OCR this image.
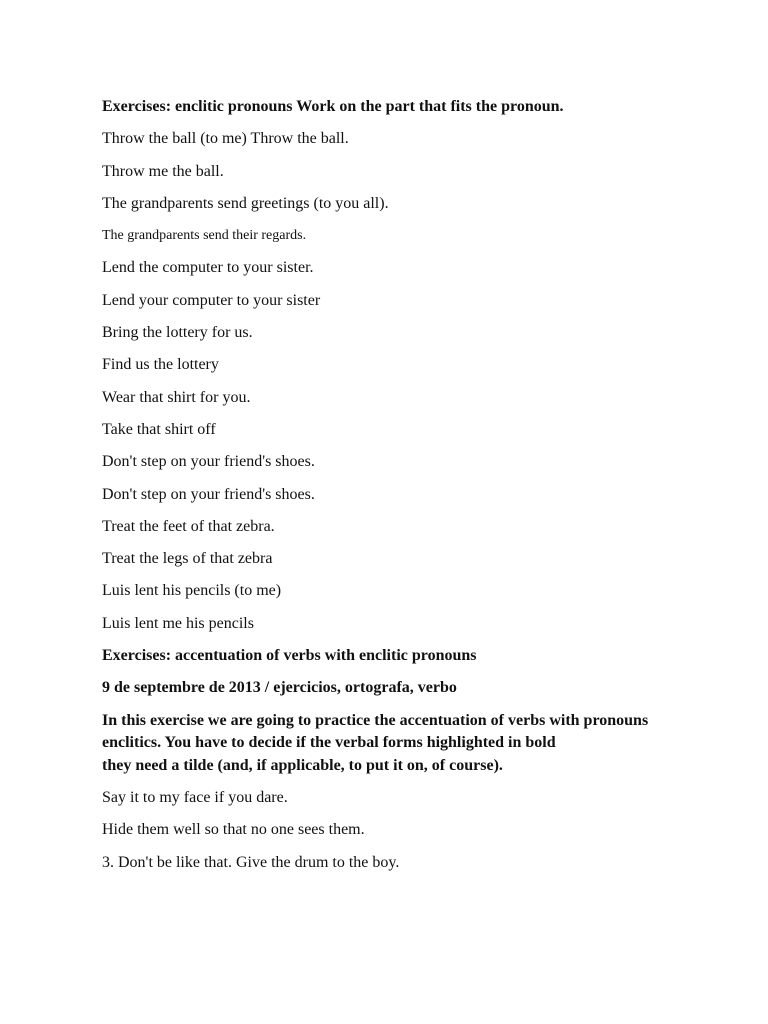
Exercises: enclitic pronouns Work on the part that fits the pronoun.

Throw the ball (to me) Throw the ball.

Throw me the ball.

The grandparents send greetings (to you all).

The grandparents send their regards.

Lend the computer to your sister.

Lend your computer to your sister

Bring the lottery for us.

Find us the lottery

Wear that shirt for you.

Take that shirt off

Don't step on your friend's shoes.

Don't step on your friend's shoes.

Treat the feet of that zebra.

Treat the legs of that zebra

Luis lent his pencils (to me)

Luis lent me his pencils

Exercises: accentuation of verbs with enclitic pronouns

9 de septembre de 2013 / ejercicios, ortografa, verbo

In this exercise we are going to practice the accentuation of verbs with pronouns
enclitics. You have to decide if the verbal forms highlighted in bold
they need a tilde (and, if applicable, to put it on, of course).

Say it to my face if you dare.

Hide them well so that no one sees them.

3. Don't be like that. Give the drum to the boy.
